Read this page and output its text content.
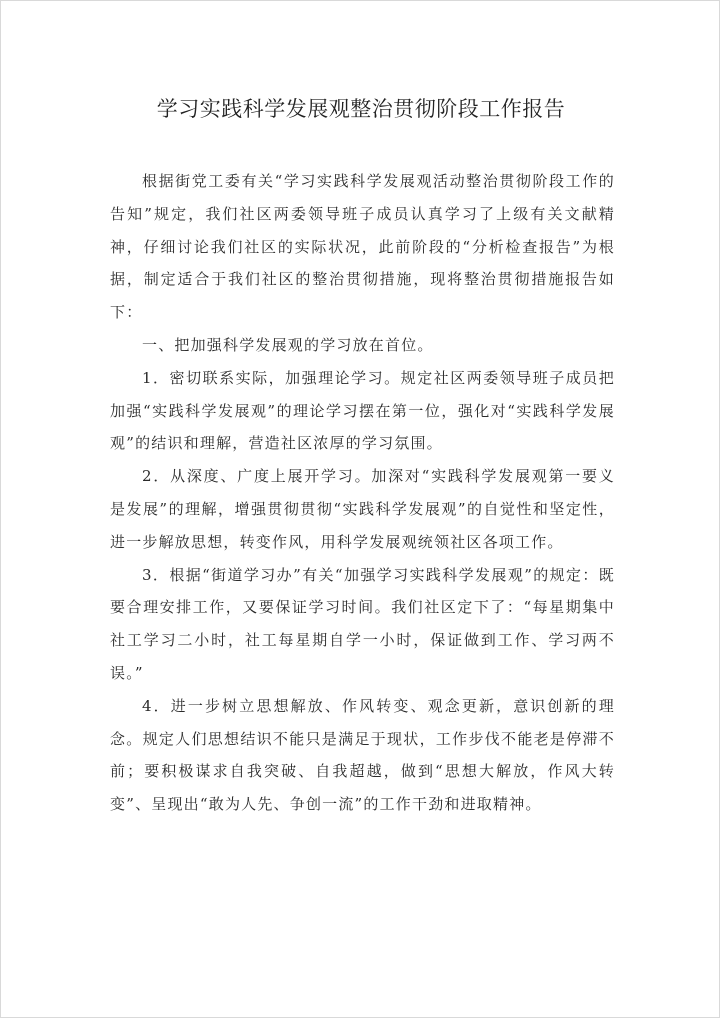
学习实践科学发展观整治贯彻阶段工作报告

根据街党工委有关“学习实践科学发展观活动整治贯彻阶段工作的告知”规定，我们社区两委领导班子成员认真学习了上级有关文献精神，仔细讨论我们社区的实际状况，此前阶段的“分析检查报告”为根据，制定适合于我们社区的整治贯彻措施，现将整治贯彻措施报告如下：

一、把加强科学发展观的学习放在首位。

1．密切联系实际，加强理论学习。规定社区两委领导班子成员把加强“实践科学发展观”的理论学习摆在第一位，强化对“实践科学发展观”的结识和理解，营造社区浓厚的学习氛围。

2．从深度、广度上展开学习。加深对“实践科学发展观第一要义是发展”的理解，增强贯彻贯彻“实践科学发展观”的自觉性和坚定性，进一步解放思想，转变作风，用科学发展观统领社区各项工作。

3．根据“街道学习办”有关“加强学习实践科学发展观”的规定：既要合理安排工作，又要保证学习时间。我们社区定下了：“每星期集中社工学习二小时，社工每星期自学一小时，保证做到工作、学习两不误。”

4．进一步树立思想解放、作风转变、观念更新，意识创新的理念。规定人们思想结识不能只是满足于现状，工作步伐不能老是停滞不前；要积极谋求自我突破、自我超越，做到“思想大解放，作风大转变”、呈现出“敢为人先、争创一流”的工作干劲和进取精神。
